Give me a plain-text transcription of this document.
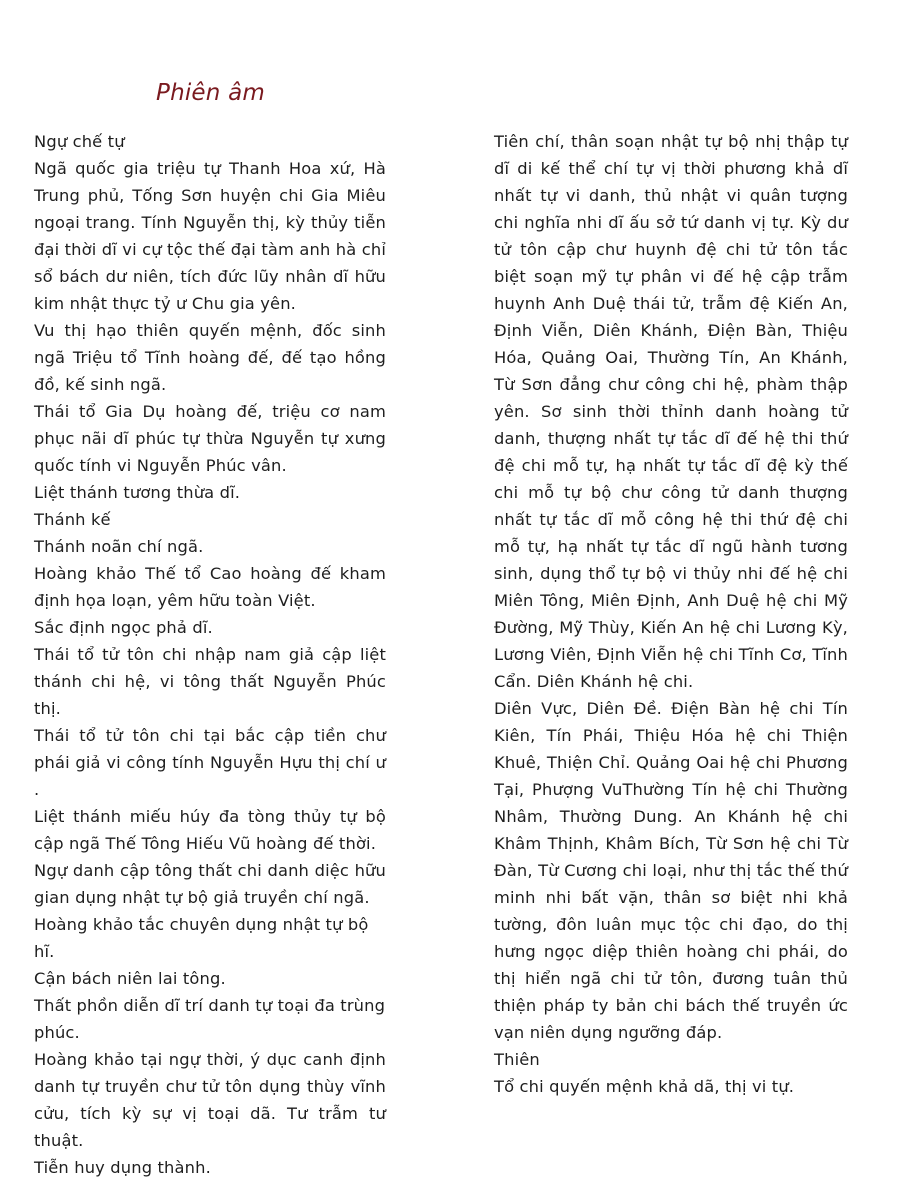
Phiên âm

Ngự chế tự

Ngã quốc gia triệu tự Thanh Hoa xứ, Hà Trung phủ, Tống Sơn huyện chi Gia Miêu ngoại trang. Tính Nguyễn thị, kỳ thủy tiễn đại thời dĩ vi cự tộc thế đại tàm anh hà chỉ sổ bách dư niên, tích đức lũy nhân dĩ hữu kim nhật thực tỷ ư Chu gia yên.

Vu thị hạo thiên quyến mệnh, đốc sinh ngã Triệu tổ Tĩnh hoàng đế, đế tạo hồng đồ, kế sinh ngã.

Thái tổ Gia Dụ hoàng đế, triệu cơ nam phục nãi dĩ phúc tự thừa Nguyễn tự xưng quốc tính vi Nguyễn Phúc vân.

Liệt thánh tương thừa dĩ.

Thánh kế

Thánh noãn chí ngã.

Hoàng khảo Thế tổ Cao hoàng đế kham định họa loạn, yêm hữu toàn Việt.

Sắc định ngọc phả dĩ.

Thái tổ tử tôn chi nhập nam giả cập liệt thánh chi hệ, vi tông thất Nguyễn Phúc thị.

Thái tổ tử tôn chi tại bắc cập tiền chư phái giả vi công tính Nguyễn Hựu thị chí ư .

Liệt thánh miếu húy đa tòng thủy tự bộ cập ngã Thế Tông Hiếu Vũ hoàng đế thời.

Ngự danh cập tông thất chi danh diệc hữu gian dụng nhật tự bộ giả truyền chí ngã.

Hoàng khảo tắc chuyên dụng nhật tự bộ hĩ.

Cận bách niên lai tông.

Thất phồn diễn dĩ trí danh tự toại đa trùng phúc.

Hoàng khảo tại ngự thời, ý dục canh định danh tự truyền chư tử tôn dụng thùy vĩnh cửu, tích kỳ sự vị toại dã. Tư trẫm tư thuật.

Tiễn huy dụng thành.

Tiên chí, thân soạn nhật tự bộ nhị thập tự dĩ di kế thể chí tự vị thời phương khả dĩ nhất tự vi danh, thủ nhật vi quân tượng chi nghĩa nhi dĩ ấu sở tứ danh vị tự. Kỳ dư tử tôn cập chư huynh đệ chi tử tôn tắc biệt soạn mỹ tự phân vi đế hệ cập trẫm huynh Anh Duệ thái tử, trẫm đệ Kiến An, Định Viễn, Diên Khánh, Điện Bàn, Thiệu Hóa, Quảng Oai, Thường Tín, An Khánh, Từ Sơn đẳng chư công chi hệ, phàm thập yên. Sơ sinh thời thỉnh danh hoàng tử danh, thượng nhất tự tắc dĩ đế hệ thi thứ đệ chi mỗ tự, hạ nhất tự tắc dĩ đệ kỳ thế chi mỗ tự bộ chư công tử danh thượng nhất tự tắc dĩ mỗ công hệ thi thứ đệ chi mỗ tự, hạ nhất tự tắc dĩ ngũ hành tương sinh, dụng thổ tự bộ vi thủy nhi đế hệ chi Miên Tông, Miên Định, Anh Duệ hệ chi Mỹ Đường, Mỹ Thùy, Kiến An hệ chi Lương Kỳ, Lương Viên, Định Viễn hệ chi Tĩnh Cơ, Tĩnh Cẩn. Diên Khánh hệ chi.

Diên Vực, Diên Đề. Điện Bàn hệ chi Tín Kiên, Tín Phái, Thiệu Hóa hệ chi Thiện Khuê, Thiện Chỉ. Quảng Oai hệ chi Phương Tại, Phượng VuThường Tín hệ chi Thường Nhâm, Thường Dung. An Khánh hệ chi Khâm Thịnh, Khâm Bích, Từ Sơn hệ chi Từ Đàn, Từ Cương chi loại, như thị tắc thế thứ minh nhi bất vặn, thân sơ biệt nhi khả tường, đôn luân mục tộc chi đạo, do thị hưng ngọc diệp thiên hoàng chi phái, do thị hiển ngã chi tử tôn, đương tuân thủ thiện pháp ty bản chi bách thế truyền ức vạn niên dụng ngưỡng đáp.

Thiên

Tổ chi quyến mệnh khả dã, thị vi tự.
